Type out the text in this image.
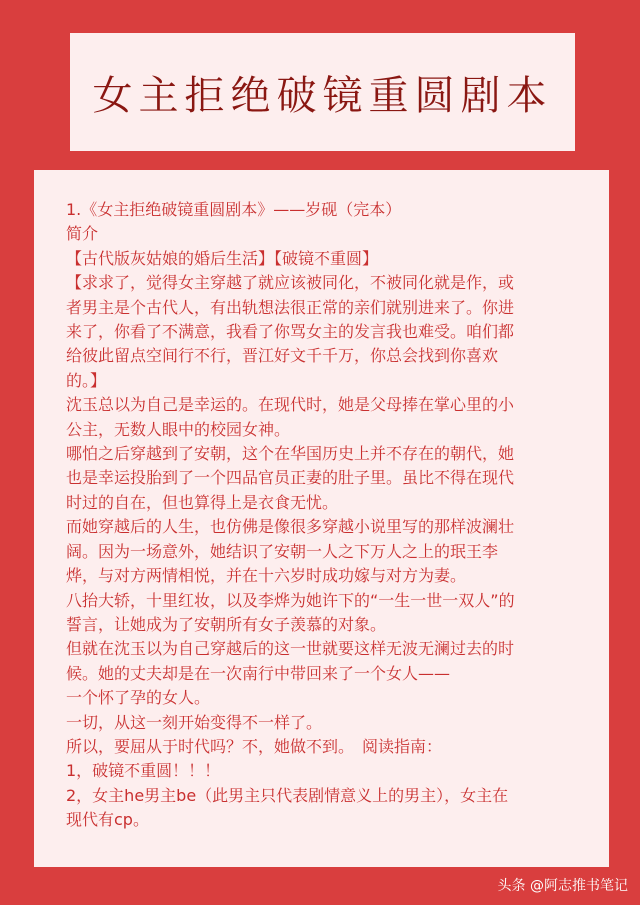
女主拒绝破镜重圆剧本
1.《女主拒绝破镜重圆剧本》——岁砚（完本）
简介
【古代版灰姑娘的婚后生活】【破镜不重圆】
【求求了，觉得女主穿越了就应该被同化，不被同化就是作，或
者男主是个古代人，有出轨想法很正常的亲们就别进来了。你进
来了，你看了不满意，我看了你骂女主的发言我也难受。咱们都
给彼此留点空间行不行，晋江好文千千万，你总会找到你喜欢
的。】
沈玉总以为自己是幸运的。在现代时，她是父母捧在掌心里的小
公主，无数人眼中的校园女神。
哪怕之后穿越到了安朝，这个在华国历史上并不存在的朝代，她
也是幸运投胎到了一个四品官员正妻的肚子里。虽比不得在现代
时过的自在，但也算得上是衣食无忧。
而她穿越后的人生，也仿佛是像很多穿越小说里写的那样波澜壮
阔。因为一场意外，她结识了安朝一人之下万人之上的珉王李
烨，与对方两情相悦，并在十六岁时成功嫁与对方为妻。
八抬大轿，十里红妆，以及李烨为她许下的“一生一世一双人”的
誓言，让她成为了安朝所有女子羡慕的对象。
但就在沈玉以为自己穿越后的这一世就要这样无波无澜过去的时
候。她的丈夫却是在一次南行中带回来了一个女人——
一个怀了孕的女人。
一切，从这一刻开始变得不一样了。
所以，要屈从于时代吗？不，她做不到。　阅读指南：
1，破镜不重圆！！！
2，女主he男主be（此男主只代表剧情意义上的男主），女主在
现代有cp。
头条 @阿志推书笔记
